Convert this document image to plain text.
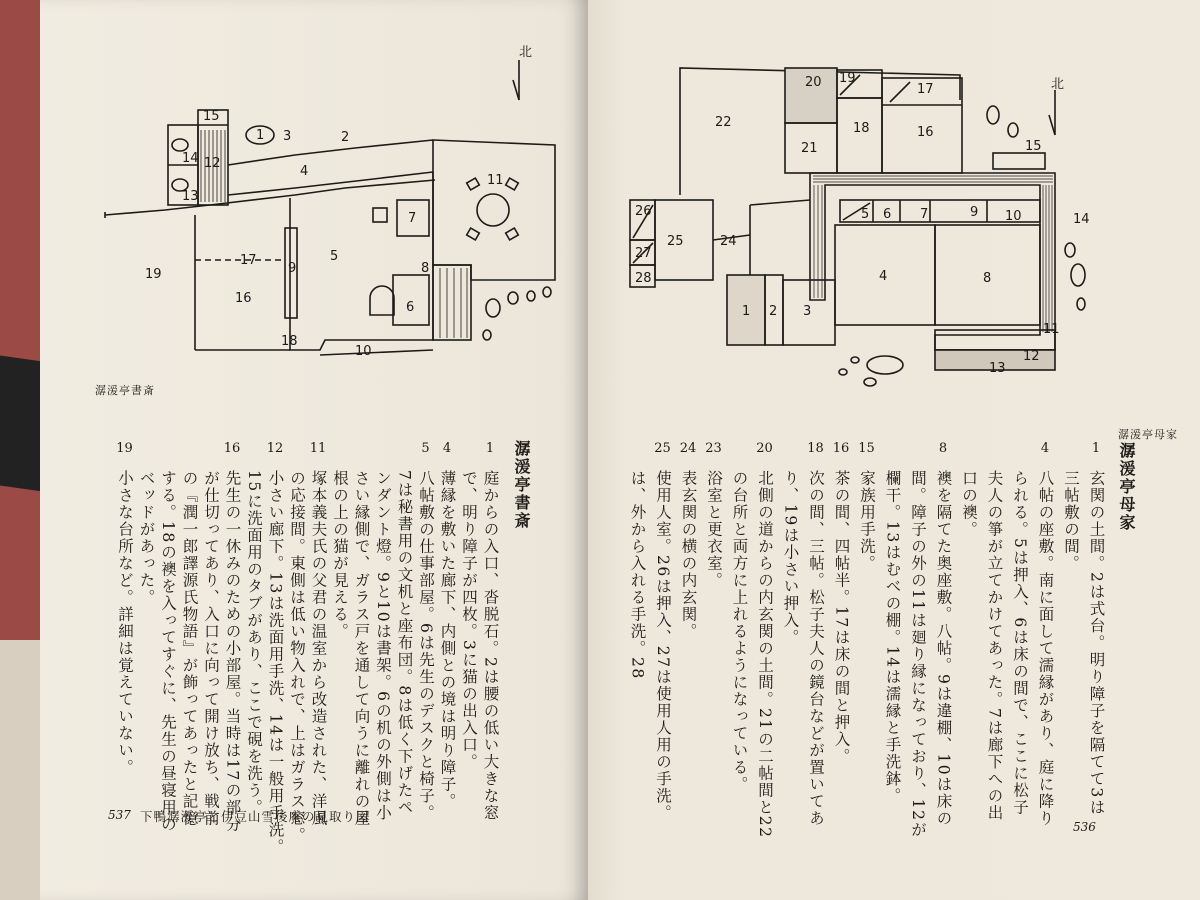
北
1	2
3
4
5
6
7
8
9
10
11
12
13
14
15
16
17
18
19
潺湲亭書斎
庭からの入口、沓脱石。2は腰の低い大きな窓
1
で、明り障子が四枚。3に猫の出入口。
薄縁を敷いた廊下、内側との境は明り障子。
4
八帖敷の仕事部屋。6は先生のデスクと椅子。
5
7は秘書用の文机と座布団。8は低く下げたペ
ンダント燈。9と10は書架。6の机の外側は小
さい縁側で、ガラス戸を通して向うに離れの屋
根の上の猫が見える。
塚本義夫氏の父君の温室から改造された、洋風
11
の応接間。東側は低い物入れで、上はガラス窓。
小さい廊下。13は洗面用手洗、14は一般用手洗。
12
15に洗面用のタブがあり、ここで硯を洗う。
先生の一休みのための小部屋。当時は17の部分
16
が仕切ってあり、入口に向って開け放ち、戦前
の『潤一郎譯源氏物語』が飾ってあったと記憶
する。18の襖を入ってすぐに、先生の昼寝用の
ベッドがあった。
小さな台所など。詳細は覚えていない。
19	潺湲亭書斎
537 下鴨潺湲亭と伊豆山雪後庵の見取り図
北
1 2 3
4
5 6 7
8
9 10
11
12
13
14
15
16
17
18
19
20
21
22
26
24
25
27
28
潺湲亭母家
玄関の土間。2は式台。明り障子を隔てて3は
1
三帖敷の間。
八帖の座敷。南に面して濡縁があり、庭に降り
4
られる。5は押入、6は床の間で、ここに松子
夫人の箏が立てかけてあった。7は廊下への出
口の襖。
襖を隔てた奥座敷。八帖。9は違棚、10は床の
8
間。障子の外の11は廻り縁になっており、12が
欄干。13はむべの棚。14は濡縁と手洗鉢。
家族用手洗。
15
茶の間、四帖半。17は床の間と押入。
16
次の間、三帖。松子夫人の鏡台などが置いてあ
18
り、19は小さい押入。
北側の道からの内玄関の土間。21の二帖間と22
20
の台所と両方に上れるようになっている。
浴室と更衣室。
23
表玄関の横の内玄関。
24
使用人室。26は押入、27は使用人用の手洗。
25
は、外から入れる手洗。28	潺湲亭母家
536
